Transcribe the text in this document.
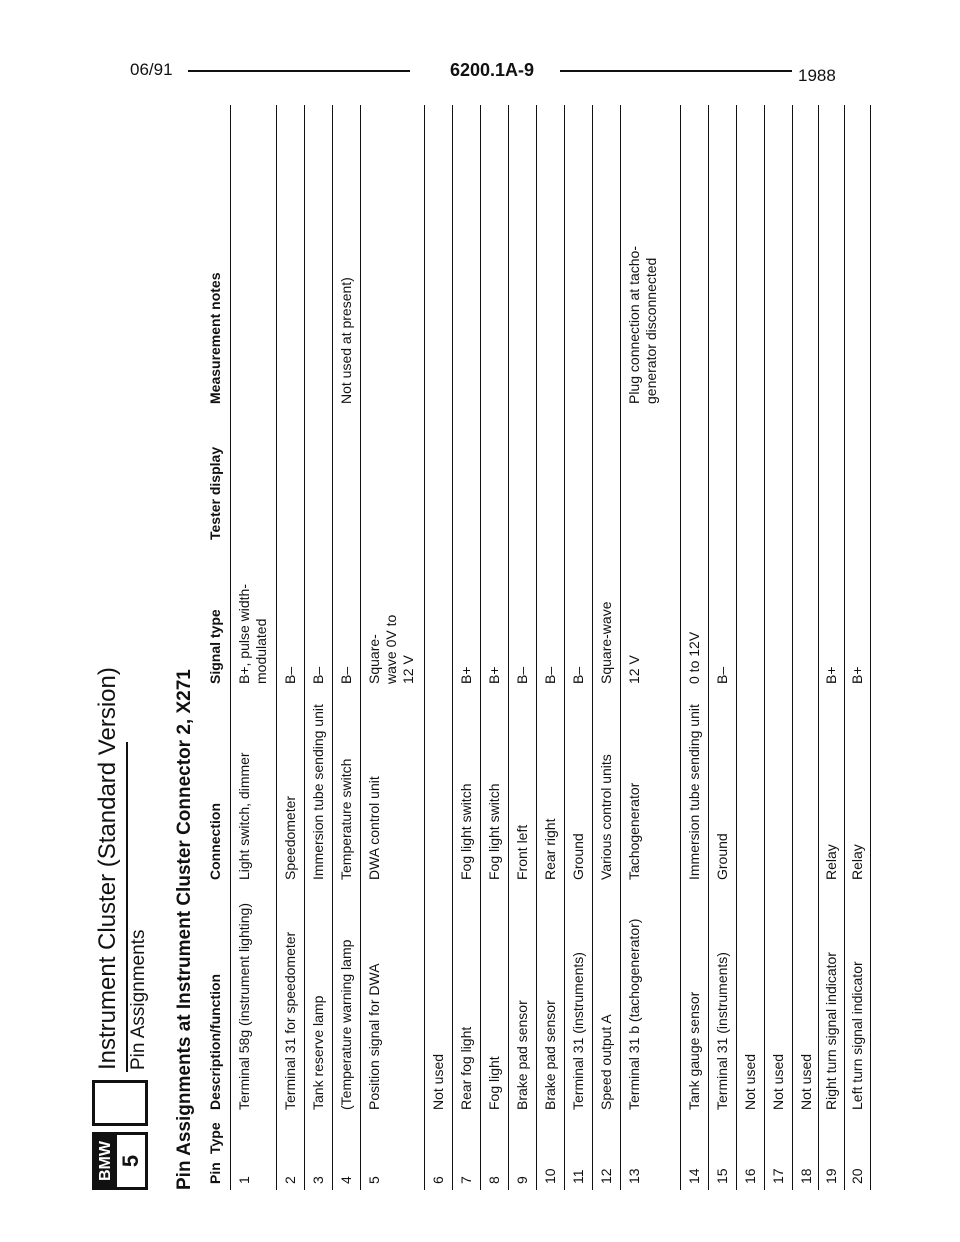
06/91	6200.1A-9	1988
BMW 5
Instrument Cluster (Standard Version) Pin Assignments Pin Assignments at Instrument Cluster Connector 2, X271 Pin
Type
Description/function
Connection
Signal type
Tester display
Measurement notes
1
Terminal 58g (instrument lighting)
Light switch, dimmer
B+, pulse width-modulated
2
Terminal 31 for speedometer
Speedometer
B–
3
Tank reserve lamp
Immersion tube sending unit
B–
4
(Temperature warning lamp
Temperature switch
B–
Not used at present)
5
Position signal for DWA
DWA control unit
Square-wave 0V to 12 V
6
Not used
7
Rear fog light
Fog light switch
B+
8
Fog light
Fog light switch
B+
9
Brake pad sensor
Front left
B–
10
Brake pad sensor
Rear right
B–
11
Terminal 31 (instruments)
Ground
B–
12
Speed output A
Various control units
Square-wave
13
Terminal 31 b (tachogenerator)
Tachogenerator
12 V
Plug connection at tacho-generator disconnected
14
Tank gauge sensor
Immersion tube sending unit
0 to 12V
15
Terminal 31 (instruments)
Ground
B–
16
Not used
17
Not used
18
Not used
19
Right turn signal indicator
Relay
B+
20
Left turn signal indicator
Relay
B+
